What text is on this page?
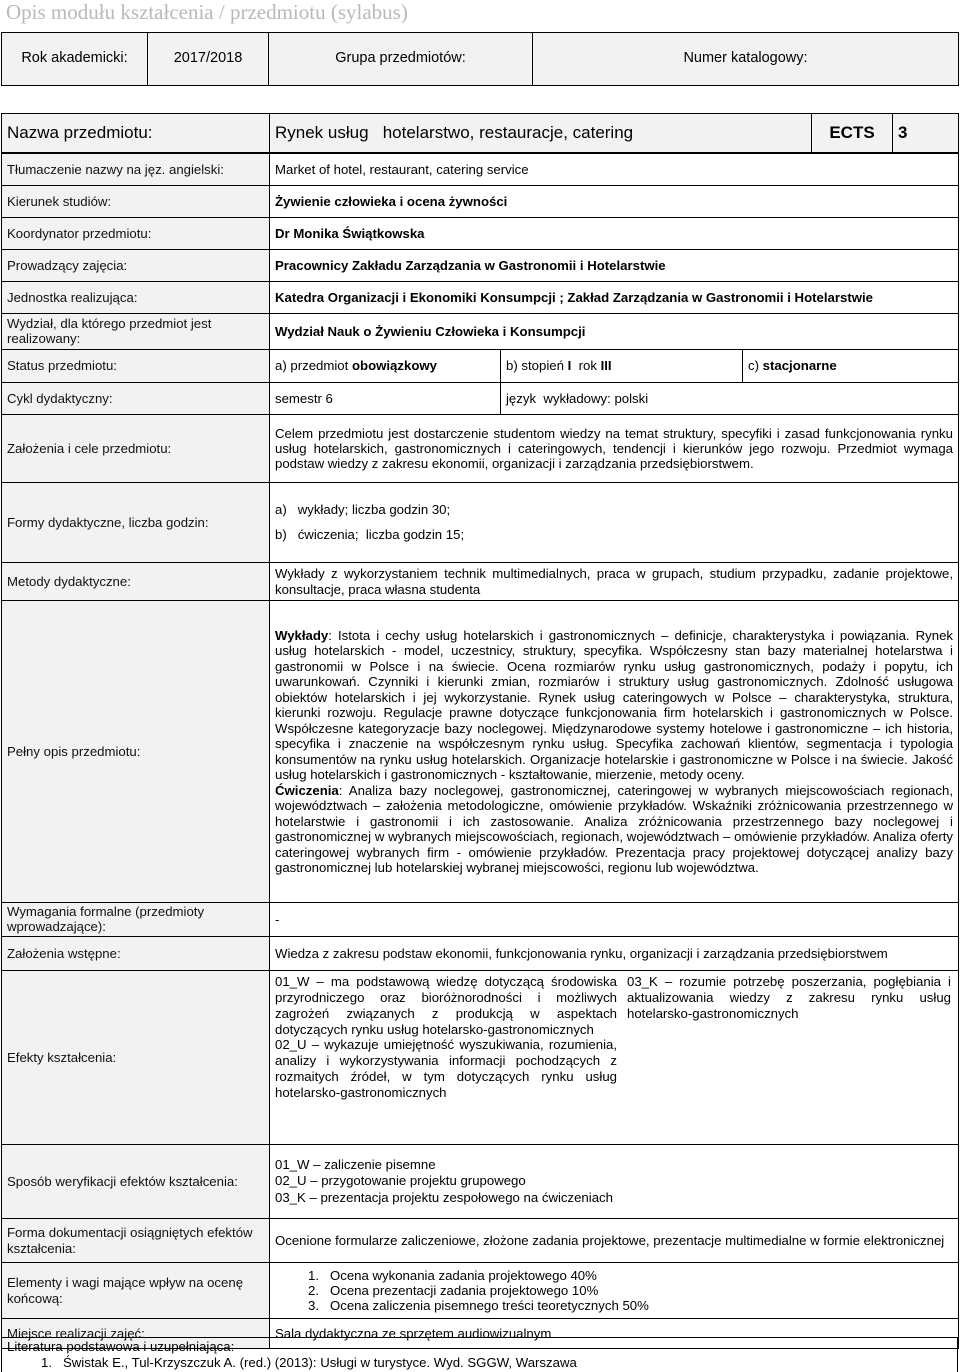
Opis modułu kształcenia / przedmiotu (sylabus)
Rok akademicki:	2017/2018	Grupa przedmiotów:	Numer katalogowy:
Nazwa przedmiotu:	Rynek usług   hotelarstwo, restauracje, catering	ECTS	3
Tłumaczenie nazwy na jęz. angielski:	Market of hotel, restaurant, catering service
Kierunek studiów:	Żywienie człowieka i ocena żywności
Koordynator przedmiotu:	Dr Monika Świątkowska
Prowadzący zajęcia:	Pracownicy Zakładu Zarządzania w Gastronomii i Hotelarstwie
Jednostka realizująca:	Katedra Organizacji i Ekonomiki Konsumpcji ; Zakład Zarządzania w Gastronomii i Hotelarstwie
Wydział, dla którego przedmiot jest realizowany:	Wydział Nauk o Żywieniu Człowieka i Konsumpcji
Status przedmiotu:	a) przedmiot obowiązkowy	b) stopień I rok III	c) stacjonarne
Cykl dydaktyczny:	semestr 6	język  wykładowy: polski
Założenia i cele przedmiotu:	Celem przedmiotu jest dostarczenie studentom wiedzy na temat struktury, specyfiki i zasad funkcjonowania rynku usług hotelarskich, gastronomicznych i cateringowych, tendencji i kierunków jego rozwoju. Przedmiot wymaga podstaw wiedzy z zakresu ekonomii, organizacji i zarządzania przedsiębiorstwem.
Formy dydaktyczne, liczba godzin:	
a)   wykłady; liczba godzin 30;
b)   ćwiczenia;  liczba godzin 15;

Metody dydaktyczne:	Wykłady z wykorzystaniem technik multimedialnych, praca w grupach, studium przypadku, zadanie projektowe, konsultacje, praca własna studenta
Pełny opis przedmiotu:	Wykłady: Istota i cechy usług hotelarskich i gastronomicznych – definicje, charakterystyka i powiązania. Rynek usług hotelarskich - model, uczestnicy, struktury, specyfika. Współczesny stan bazy materialnej hotelarstwa i gastronomii w Polsce i na świecie. Ocena rozmiarów rynku usług gastronomicznych, podaży i popytu, ich uwarunkowań. Czynniki i kierunki zmian, rozmiarów i struktury usług gastronomicznych. Zdolność usługowa obiektów hotelarskich i jej wykorzystanie. Rynek usług cateringowych w Polsce – charakterystyka, struktura, kierunki rozwoju. Regulacje prawne dotyczące funkcjonowania firm hotelarskich i gastronomicznych w Polsce. Współczesne kategoryzacje bazy noclegowej. Międzynarodowe systemy hotelowe i gastronomiczne – ich historia, specyfika i znaczenie na współczesnym rynku usług. Specyfika zachowań klientów, segmentacja i typologia konsumentów na rynku usług hotelarskich. Organizacje hotelarskie i gastronomiczne w Polsce i na świecie. Jakość usług hotelarskich i gastronomicznych - kształtowanie, mierzenie, metody oceny.
Ćwiczenia: Analiza bazy noclegowej, gastronomicznej, cateringowej w wybranych miejscowościach regionach, województwach – założenia metodologiczne, omówienie przykładów. Wskaźniki zróżnicowania przestrzennego w hotelarstwie i gastronomii i ich zastosowanie. Analiza zróżnicowania przestrzennego bazy noclegowej i gastronomicznej w wybranych miejscowościach, regionach, województwach – omówienie przykładów. Analiza oferty cateringowej wybranych firm - omówienie przykładów. Prezentacja pracy projektowej dotyczącej analizy bazy gastronomicznej lub hotelarskiej wybranej miejscowości, regionu lub województwa.
Wymagania formalne (przedmioty wprowadzające):	-
Założenia wstępne:	Wiedza z zakresu podstaw ekonomii, funkcjonowania rynku, organizacji i zarządzania przedsiębiorstwem
Efekty kształcenia:	
01_W – ma podstawową wiedzę dotyczącą środowiska przyrodniczego oraz bioróżnorodności i możliwych zagrożeń związanych z produkcją w aspektach dotyczących rynku usług hotelarsko-gastronomicznych
02_U – wykazuje umiejętność wyszukiwania, rozumienia, analizy i wykorzystywania informacji pochodzących z rozmaitych źródeł, w tym dotyczących rynku usług hotelarsko-gastronomicznych
	03_K – rozumie potrzebę poszerzania, pogłębiania i aktualizowania wiedzy z zakresu rynku usług hotelarsko-gastronomicznych

Sposób weryfikacji efektów kształcenia:	
01_W – zaliczenie pisemne
02_U – przygotowanie projektu grupowego
03_K – prezentacja projektu zespołowego na ćwiczeniach

Forma dokumentacji osiągniętych efektów kształcenia:	Ocenione formularze zaliczeniowe, złożone zadania projektowe, prezentacje multimedialne w formie elektronicznej
Elementy i wagi mające wpływ na ocenę końcową:	
1.   Ocena wykonania zadania projektowego 40%
2.   Ocena prezentacji zadania projektowego 10%
3.   Ocena zaliczenia pisemnego treści teoretycznych 50%

Miejsce realizacji zajęć:	Sala dydaktyczna ze sprzętem audiowizualnym
Literatura podstawowa i uzupełniająca:
1.   Świstak E., Tul-Krzyszczuk A. (red.) (2013): Usługi w turystyce. Wyd. SGGW, Warszawa
